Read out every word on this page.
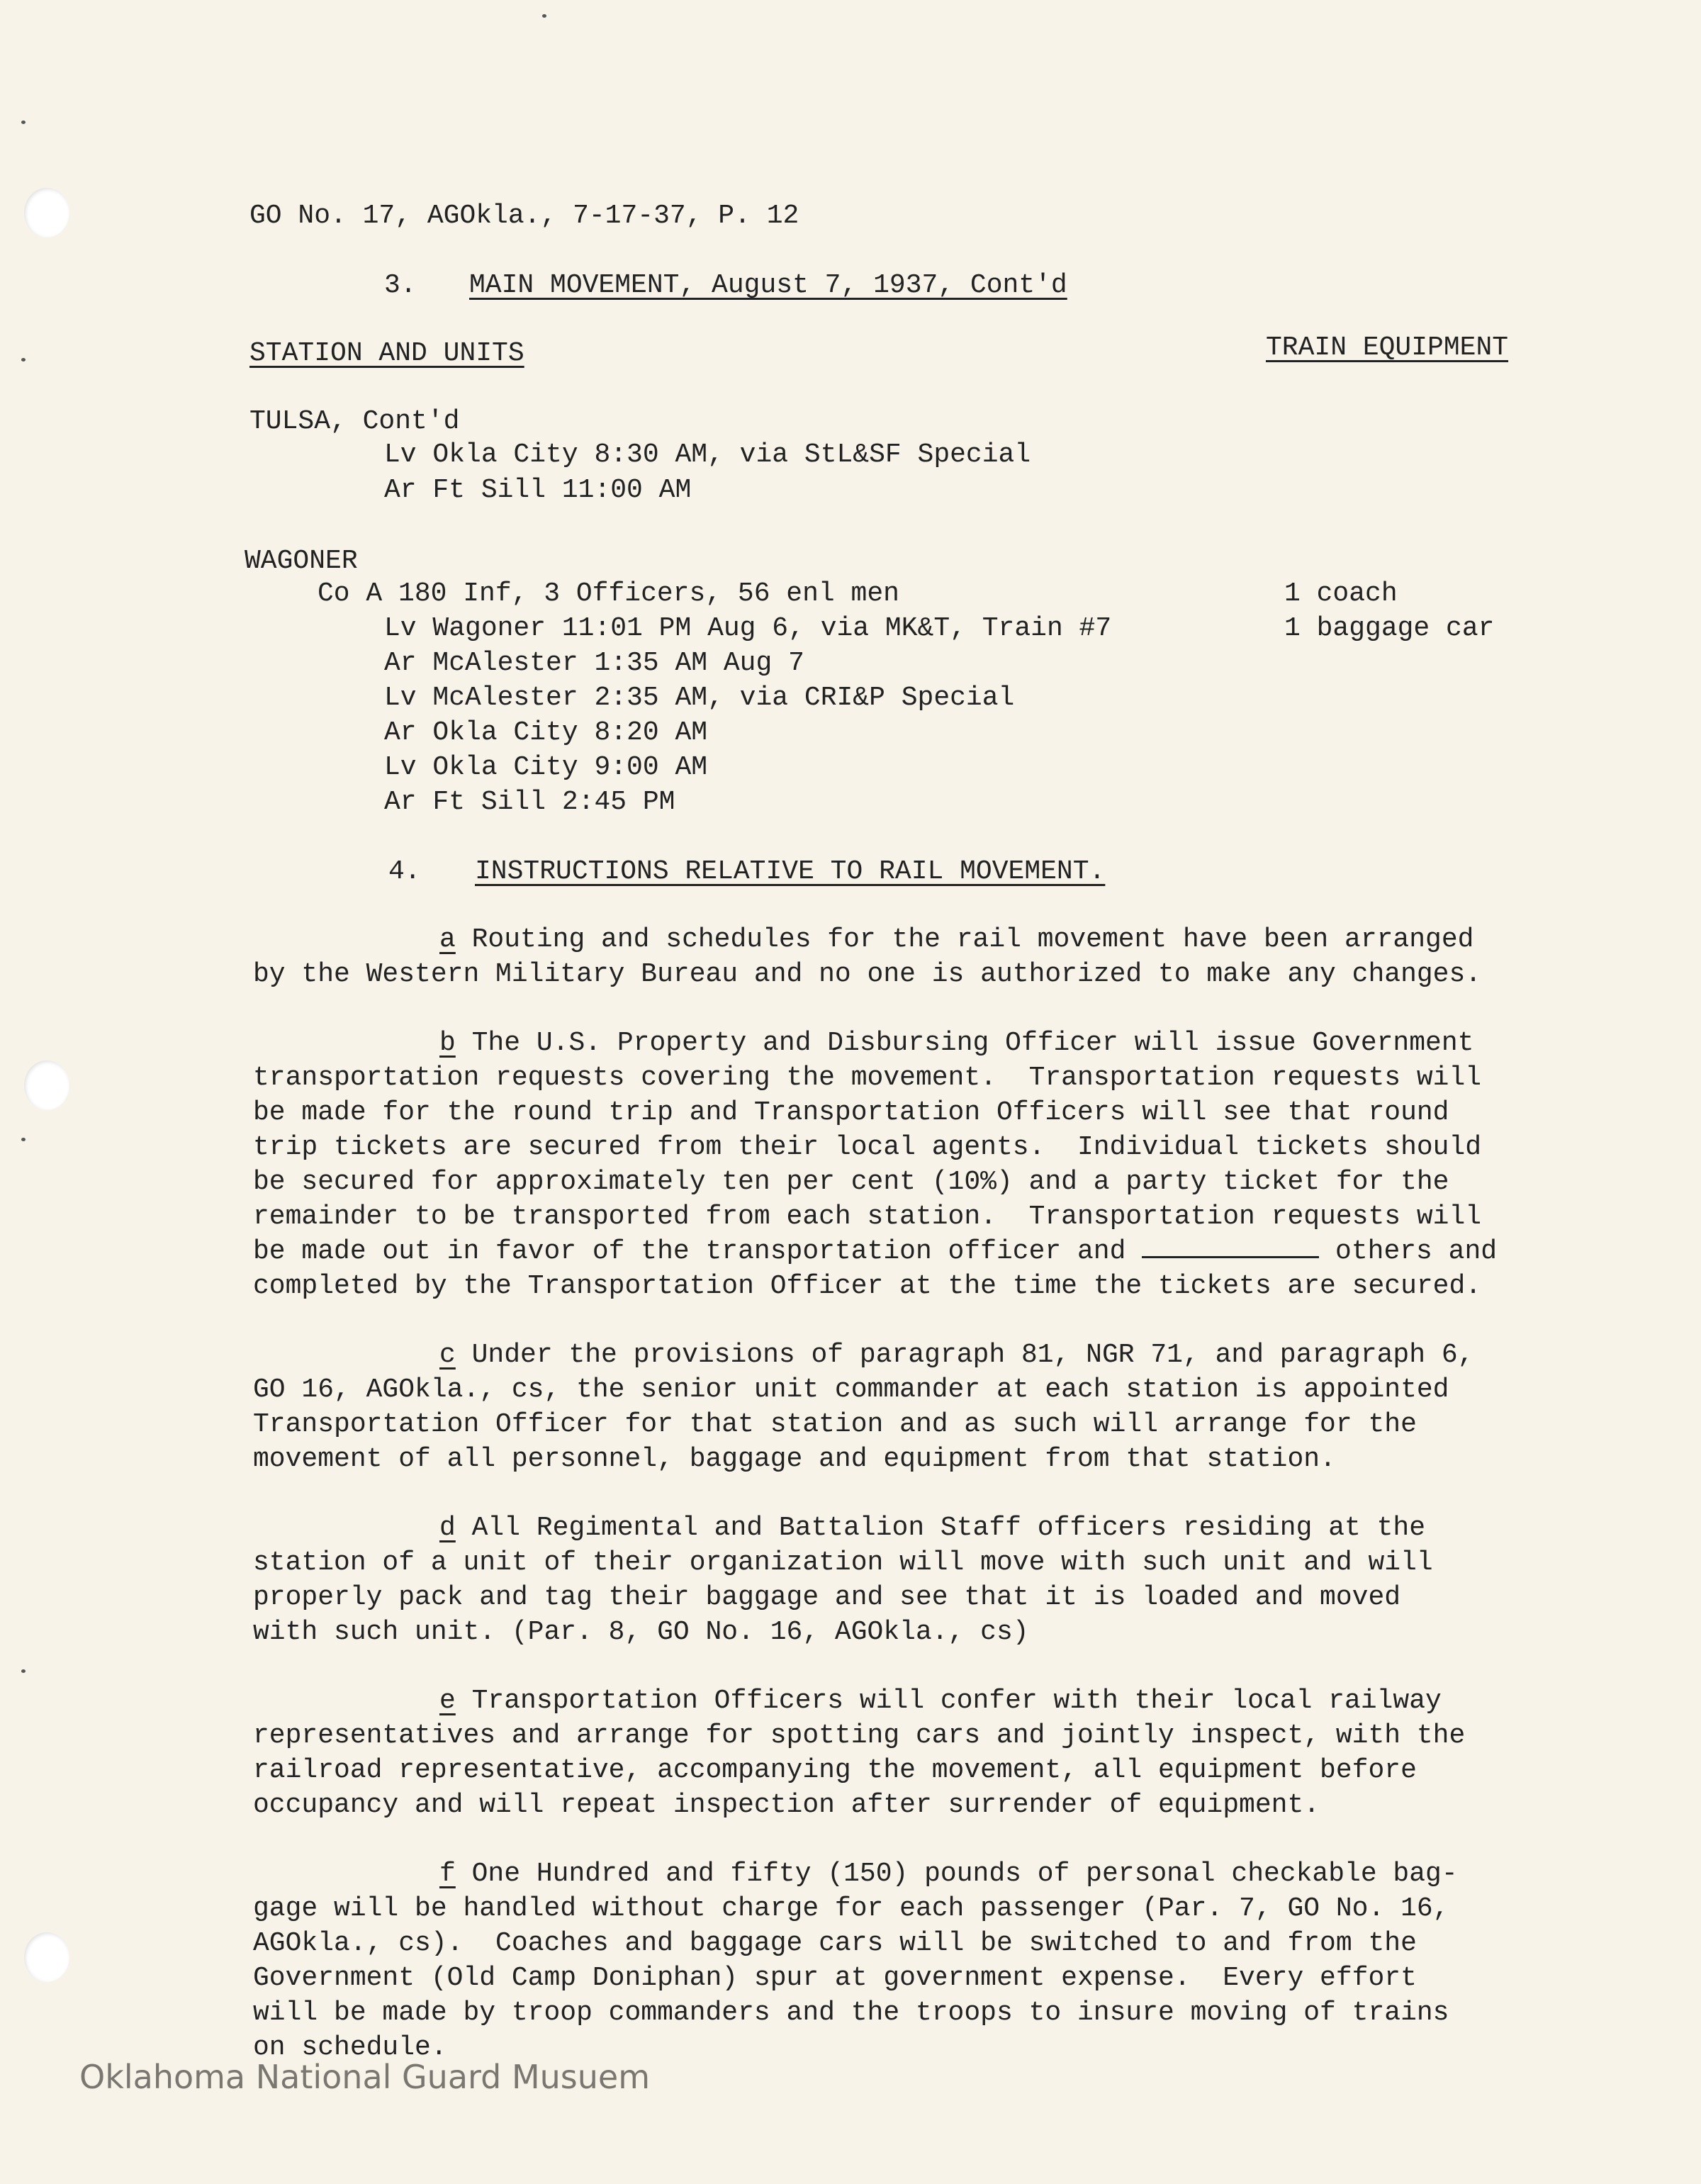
GO No. 17, AGOkla., 7-17-37, P. 12
3. MAIN MOVEMENT, August 7, 1937, Cont'd
STATION AND UNITS	TRAIN EQUIPMENT
TULSA, Cont'd
Lv Okla City 8:30 AM, via StL&SF Special
Ar Ft Sill 11:00 AM
WAGONER
Co A 180 Inf, 3 Officers, 56 enl men	1 coach
Lv Wagoner 11:01 PM Aug 6, via MK&T, Train #7	1 baggage car
Ar McAlester 1:35 AM Aug 7
Lv McAlester 2:35 AM, via CRI&P Special
Ar Okla City 8:20 AM
Lv Okla City 9:00 AM
Ar Ft Sill 2:45 PM
4. INSTRUCTIONS RELATIVE TO RAIL MOVEMENT.
a Routing and schedules for the rail movement have been arranged
by the Western Military Bureau and no one is authorized to make any changes.
b The U.S. Property and Disbursing Officer will issue Government
transportation requests covering the movement.  Transportation requests will
be made for the round trip and Transportation Officers will see that round
trip tickets are secured from their local agents.  Individual tickets should
be secured for approximately ten per cent (10%) and a party ticket for the
remainder to be transported from each station.  Transportation requests will
be made out in favor of the transportation officer and	others and
completed by the Transportation Officer at the time the tickets are secured.
c Under the provisions of paragraph 81, NGR 71, and paragraph 6,
GO 16, AGOkla., cs, the senior unit commander at each station is appointed
Transportation Officer for that station and as such will arrange for the
movement of all personnel, baggage and equipment from that station.
d All Regimental and Battalion Staff officers residing at the
station of a unit of their organization will move with such unit and will
properly pack and tag their baggage and see that it is loaded and moved
with such unit. (Par. 8, GO No. 16, AGOkla., cs)
e Transportation Officers will confer with their local railway
representatives and arrange for spotting cars and jointly inspect, with the
railroad representative, accompanying the movement, all equipment before
occupancy and will repeat inspection after surrender of equipment.
f One Hundred and fifty (150) pounds of personal checkable bag-
gage will be handled without charge for each passenger (Par. 7, GO No. 16,
AGOkla., cs).  Coaches and baggage cars will be switched to and from the
Government (Old Camp Doniphan) spur at government expense.  Every effort
will be made by troop commanders and the troops to insure moving of trains
on schedule.
Oklahoma National Guard Musuem
